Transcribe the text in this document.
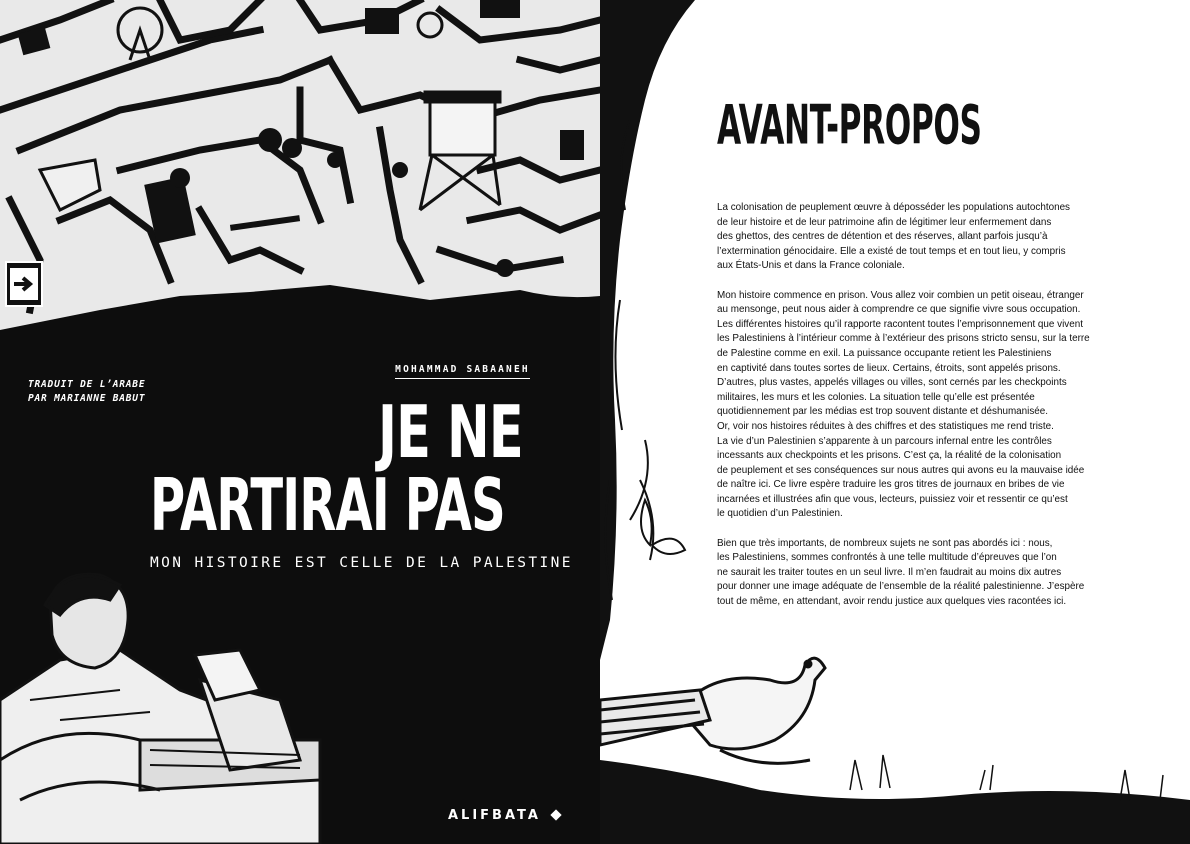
TRADUIT DE L’ARABE
PAR MARIANNE BABUT
MOHAMMAD SABAANEH
JE NE
PARTIRAI PAS
MON HISTOIRE EST CELLE DE LA PALESTINE
ALIFBATA
AVANT-PROPOS
La colonisation de peuplement œuvre à déposséder les populations autochtones
de leur histoire et de leur patrimoine afin de légitimer leur enfermement dans
des ghettos, des centres de détention et des réserves, allant parfois jusqu’à
l’extermination génocidaire. Elle a existé de tout temps et en tout lieu, y compris
aux États-Unis et dans la France coloniale.
Mon histoire commence en prison. Vous allez voir combien un petit oiseau, étranger
au mensonge, peut nous aider à comprendre ce que signifie vivre sous occupation.
Les différentes histoires qu’il rapporte racontent toutes l’emprisonnement que vivent
les Palestiniens à l’intérieur comme à l’extérieur des prisons stricto sensu, sur la terre
de Palestine comme en exil. La puissance occupante retient les Palestiniens
en captivité dans toutes sortes de lieux. Certains, étroits, sont appelés prisons.
D’autres, plus vastes, appelés villages ou villes, sont cernés par les checkpoints
militaires, les murs et les colonies. La situation telle qu’elle est présentée
quotidiennement par les médias est trop souvent distante et déshumanisée.
Or, voir nos histoires réduites à des chiffres et des statistiques me rend triste.
La vie d’un Palestinien s’apparente à un parcours infernal entre les contrôles
incessants aux checkpoints et les prisons. C’est ça, la réalité de la colonisation
de peuplement et ses conséquences sur nous autres qui avons eu la mauvaise idée
de naître ici. Ce livre espère traduire les gros titres de journaux en bribes de vie
incarnées et illustrées afin que vous, lecteurs, puissiez voir et ressentir ce qu’est
le quotidien d’un Palestinien.
Bien que très importants, de nombreux sujets ne sont pas abordés ici : nous,
les Palestiniens, sommes confrontés à une telle multitude d’épreuves que l’on
ne saurait les traiter toutes en un seul livre. Il m’en faudrait au moins dix autres
pour donner une image adéquate de l’ensemble de la réalité palestinienne. J’espère
tout de même, en attendant, avoir rendu justice aux quelques vies racontées ici.
